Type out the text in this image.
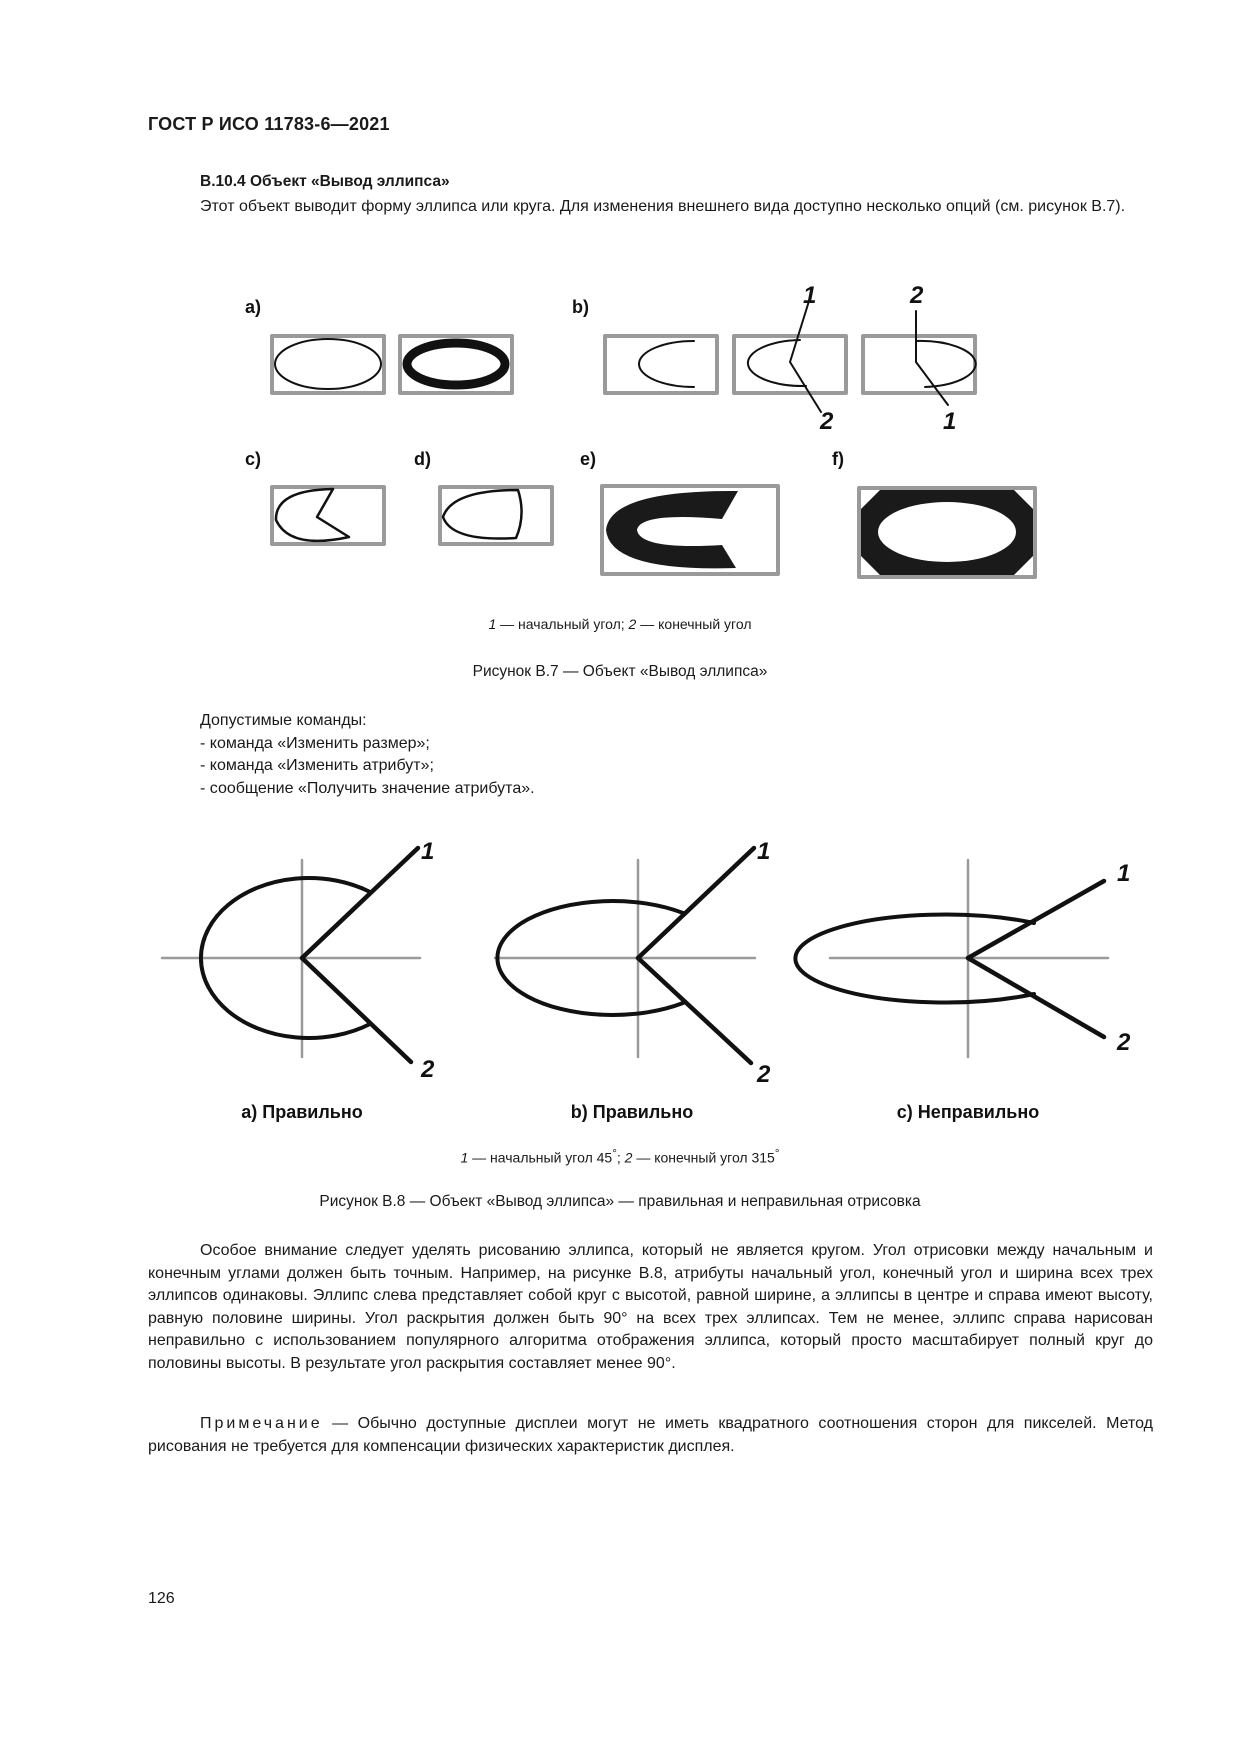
ГОСТ Р ИСО 11783-6—2021
B.10.4 Объект «Вывод эллипса»
Этот объект выводит форму эллипса или круга. Для изменения внешнего вида доступно несколько опций (см. рисунок B.7).
a)	b)
c)	d)	e)	f)
1
2
2
1
1 — начальный угол; 2 — конечный угол
Рисунок B.7 — Объект «Вывод эллипса»
Допустимые команды:
- команда «Изменить размер»;
- команда «Изменить атрибут»;
- сообщение «Получить значение атрибута».
1
2
1
2
1
2
a) Правильно	b) Правильно	c) Неправильно
1 — начальный угол 45°; 2 — конечный угол 315°
Рисунок B.8 — Объект «Вывод эллипса» — правильная и неправильная отрисовка
Особое внимание следует уделять рисованию эллипса, который не является кругом. Угол отрисовки между начальным и конечным углами должен быть точным. Например, на рисунке B.8, атрибуты начальный угол, конечный угол и ширина всех трех эллипсов одинаковы. Эллипс слева представляет собой круг с высотой, равной ширине, а эллипсы в центре и справа имеют высоту, равную половине ширины. Угол раскрытия должен быть 90° на всех трех эллипсах. Тем не менее, эллипс справа нарисован неправильно с использованием популярного алгоритма отображения эллипса, который просто масштабирует полный круг до половины высоты. В результате угол раскрытия составляет менее 90°.
Примечание — Обычно доступные дисплеи могут не иметь квадратного соотношения сторон для пикселей. Метод рисования не требуется для компенсации физических характеристик дисплея.
126
